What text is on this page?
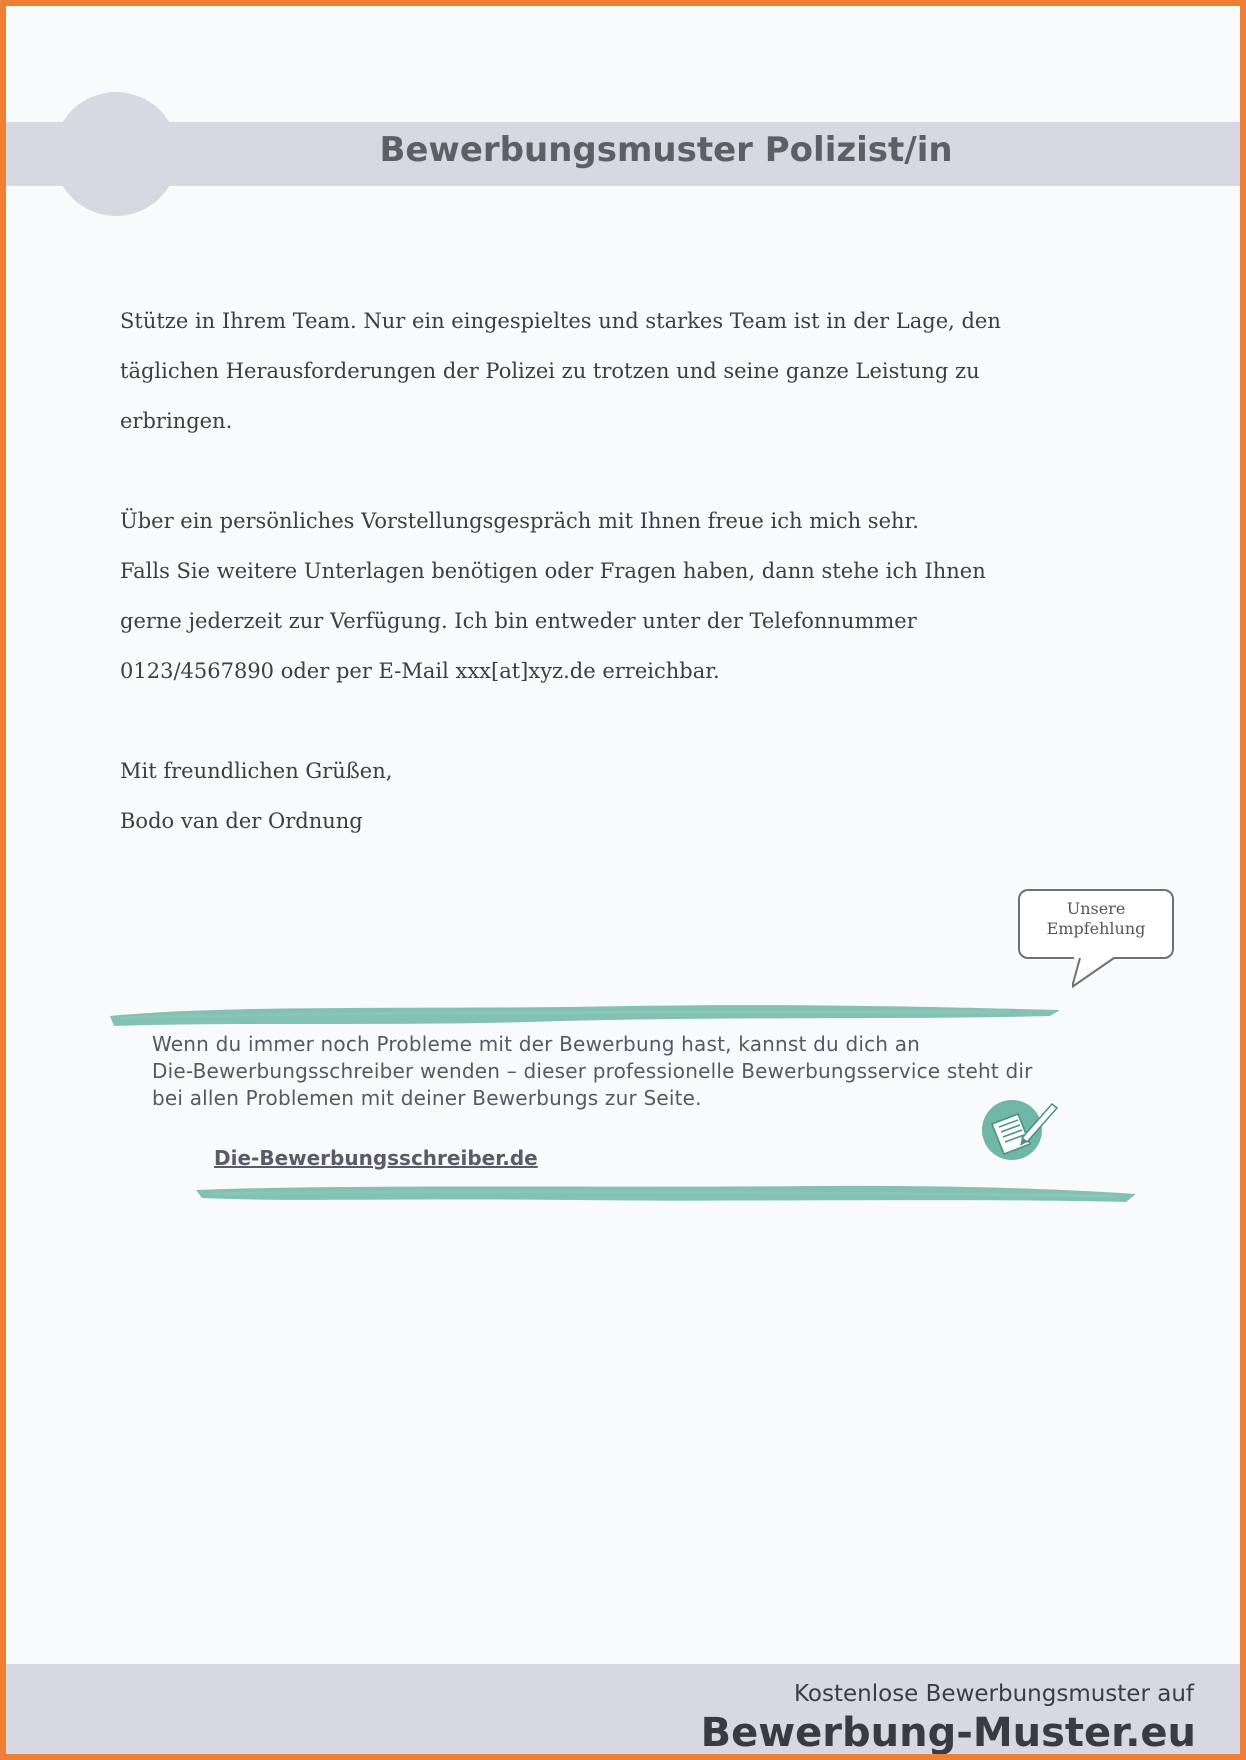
Bewerbungsmuster Polizist/in

Stütze in Ihrem Team. Nur ein eingespieltes und starkes Team ist in der Lage, den

täglichen Herausforderungen der Polizei zu trotzen und seine ganze Leistung zu

erbringen.

Über ein persönliches Vorstellungsgespräch mit Ihnen freue ich mich sehr.

Falls Sie weitere Unterlagen benötigen oder Fragen haben, dann stehe ich Ihnen

gerne jederzeit zur Verfügung. Ich bin entweder unter der Telefonnummer

0123/4567890 oder per E-Mail xxx[at]xyz.de erreichbar.

Mit freundlichen Grüßen,

Bodo van der Ordnung

Unsere
Empfehlung

Wenn du immer noch Probleme mit der Bewerbung hast, kannst du dich an

Die-Bewerbungsschreiber wenden – dieser professionelle Bewerbungsservice steht dir

bei allen Problemen mit deiner Bewerbungs zur Seite.

Die-Bewerbungsschreiber.de
Kostenlose Bewerbungsmuster auf
Bewerbung-Muster.eu
